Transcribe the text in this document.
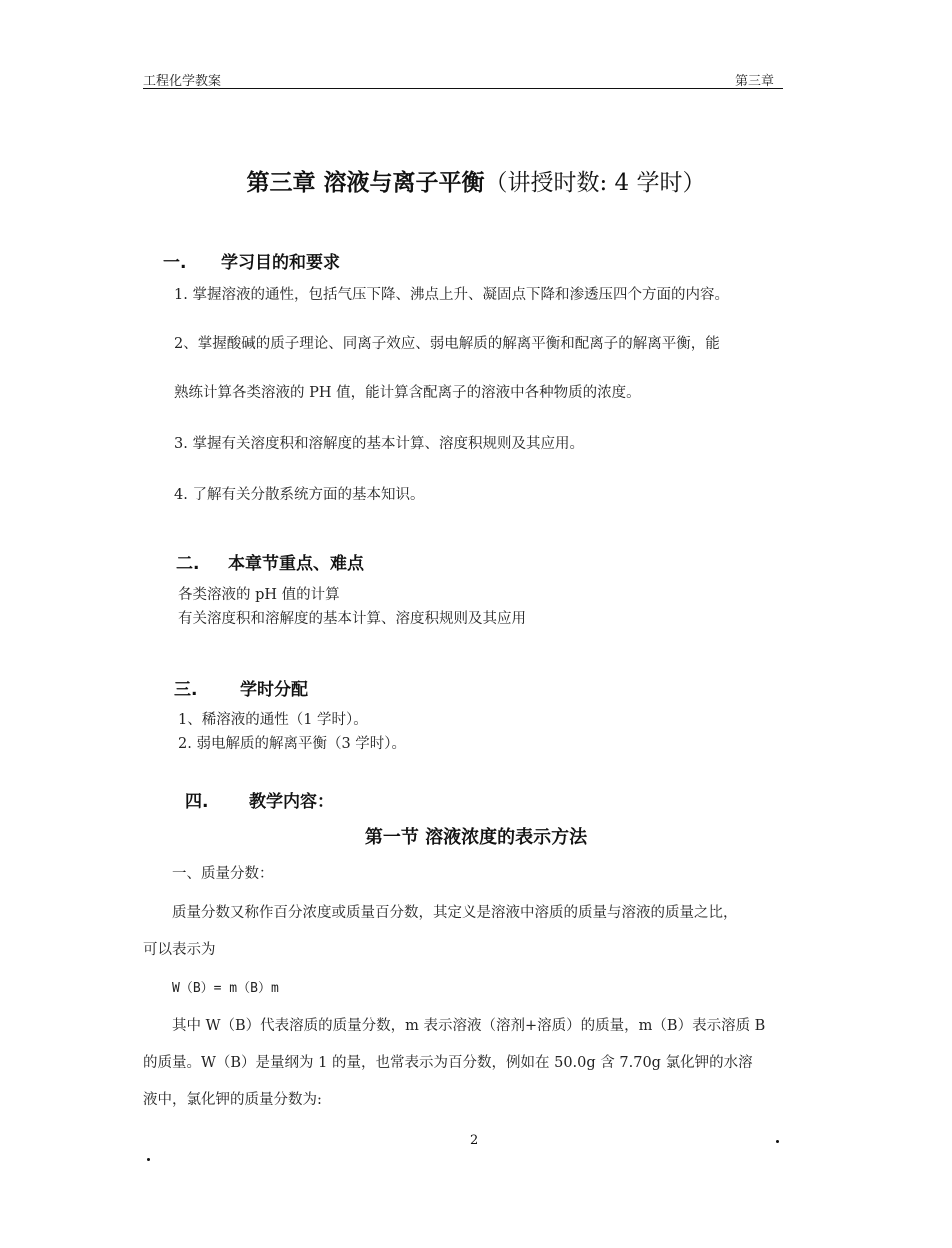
工程化学教案	第三章
第三章 溶液与离子平衡（讲授时数: 4 学时）
一. 学习目的和要求
1. 掌握溶液的通性，包括气压下降、沸点上升、凝固点下降和渗透压四个方面的内容。
2、掌握酸碱的质子理论、同离子效应、弱电解质的解离平衡和配离子的解离平衡，能
熟练计算各类溶液的 PH 值，能计算含配离子的溶液中各种物质的浓度。
3. 掌握有关溶度积和溶解度的基本计算、溶度积规则及其应用。
4. 了解有关分散系统方面的基本知识。
二. 本章节重点、难点
各类溶液的 pH 值的计算
有关溶度积和溶解度的基本计算、溶度积规则及其应用
三.	学时分配
1、稀溶液的通性（1 学时）。
2. 弱电解质的解离平衡（3 学时）。
四. 教学内容：
第一节 溶液浓度的表示方法
一、质量分数：
质量分数又称作百分浓度或质量百分数，其定义是溶液中溶质的质量与溶液的质量之比，
可以表示为
W（B）= m（B）m
其中 W（B）代表溶质的质量分数，m 表示溶液（溶剂+溶质）的质量，m（B）表示溶质 B
的质量。W（B）是量纲为 1 的量，也常表示为百分数，例如在 50.0g 含 7.70g 氯化钾的水溶
液中，氯化钾的质量分数为:
2
